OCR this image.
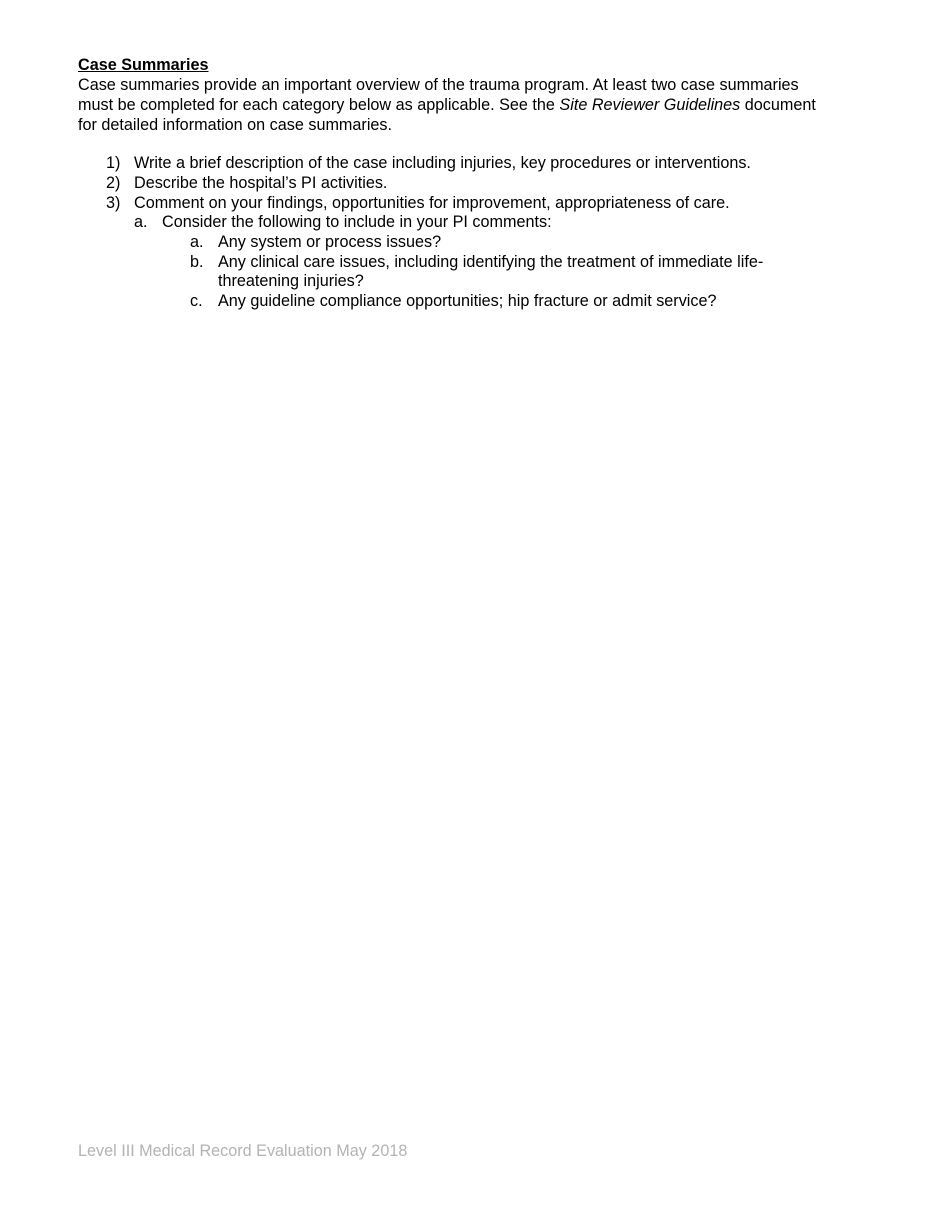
Case Summaries
Case summaries provide an important overview of the trauma program. At least two case summaries
must be completed for each category below as applicable. See the Site Reviewer Guidelines document
for detailed information on case summaries.
1) Write a brief description of the case including injuries, key procedures or interventions.
2) Describe the hospital’s PI activities.
3) Comment on your findings, opportunities for improvement, appropriateness of care.
a. Consider the following to include in your PI comments:
a. Any system or process issues?
b. Any clinical care issues, including identifying the treatment of immediate life-
threatening injuries?
c. Any guideline compliance opportunities; hip fracture or admit service?
Level III Medical Record Evaluation May 2018
